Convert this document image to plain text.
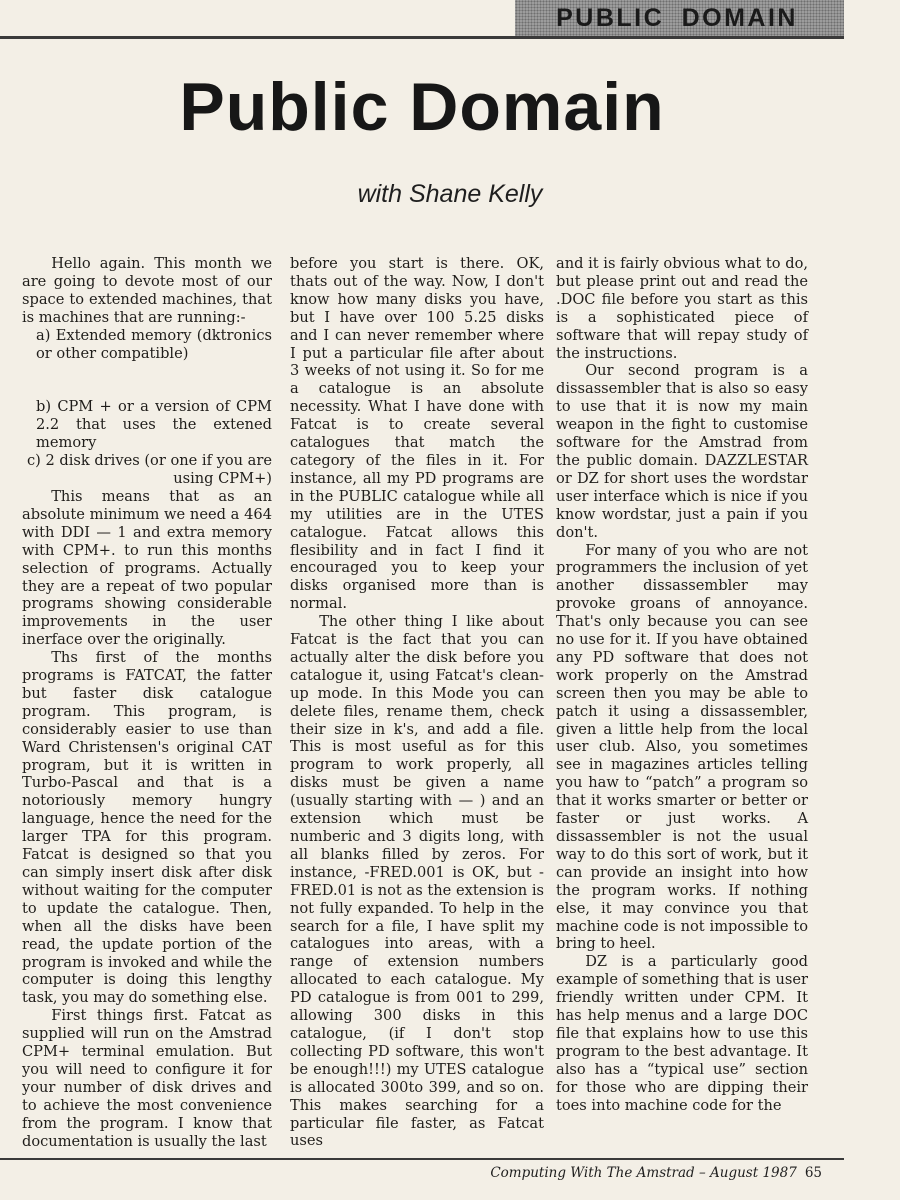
PUBLIC DOMAIN
Public Domain
with Shane Kelly

Hello again. This month we are going to devote most of our space to extended machines, that is machines that are running:-

a) Extended memory (dktronics or other compatible)

b) CPM + or a version of CPM 2.2 that uses the extened memory

c) 2 disk drives (or one if you are using CPM+)

This means that as an absolute minimum we need a 464 with DDI — 1 and extra memory with CPM+. to run this months selection of programs. Actually they are a repeat of two popular programs showing considerable improvements in the user inerface over the originally.

Ths first of the months programs is FATCAT, the fatter but faster disk catalogue program. This program, is considerably easier to use than Ward Christensen's original CAT program, but it is written in Turbo-Pascal and that is a notoriously memory hungry language, hence the need for the larger TPA for this program. Fatcat is designed so that you can simply insert disk after disk without waiting for the computer to update the catalogue. Then, when all the disks have been read, the update portion of the program is invoked and while the computer is doing this lengthy task, you may do something else.

First things first. Fatcat as supplied will run on the Amstrad CPM+ terminal emulation. But you will need to configure it for your number of disk drives and to achieve the most convenience from the program. I know that documentation is usually the last

before you start is there. OK, thats out of the way. Now, I don't know how many disks you have, but I have over 100 5.25 disks and I can never remember where I put a particular file after about 3 weeks of not using it. So for me a catalogue is an absolute necessity. What I have done with Fatcat is to create several catalogues that match the category of the files in it. For instance, all my PD programs are in the PUBLIC catalogue while all my utilities are in the UTES catalogue. Fatcat allows this flesibility and in fact I find it encouraged you to keep your disks organised more than is normal.

The other thing I like about Fatcat is the fact that you can actually alter the disk before you catalogue it, using Fatcat's clean-up mode. In this Mode you can delete files, rename them, check their size in k's, and add a file. This is most useful as for this program to work properly, all disks must be given a name (usually starting with — ) and an extension which must be numberic and 3 digits long, with all blanks filled by zeros. For instance, -FRED.001 is OK, but -FRED.01 is not as the extension is not fully expanded. To help in the search for a file, I have split my catalogues into areas, with a range of extension numbers allocated to each catalogue. My PD catalogue is from 001 to 299, allowing 300 disks in this catalogue, (if I don't stop collecting PD software, this won't be enough!!!) my UTES catalogue is allocated 300to 399, and so on. This makes searching for a particular file faster, as Fatcat uses

and it is fairly obvious what to do, but please print out and read the .DOC file before you start as this is a sophisticated piece of software that will repay study of the instructions.

Our second program is a dissassembler that is also so easy to use that it is now my main weapon in the fight to customise software for the Amstrad from the public domain. DAZZLESTAR or DZ for short uses the wordstar user interface which is nice if you know wordstar, just a pain if you don't.

For many of you who are not programmers the inclusion of yet another dissassembler may provoke groans of annoyance. That's only because you can see no use for it. If you have obtained any PD software that does not work properly on the Amstrad screen then you may be able to patch it using a dissassembler, given a little help from the local user club. Also, you sometimes see in magazines articles telling you haw to “patch” a program so that it works smarter or better or faster or just works. A dissassembler is not the usual way to do this sort of work, but it can provide an insight into how the program works. If nothing else, it may convince you that machine code is not impossible to bring to heel.

DZ is a particularly good example of something that is user friendly written under CPM. It has help menus and a large DOC file that explains how to use this program to the best advantage. It also has a “typical use” section for those who are dipping their toes into machine code for the

Computing With The Amstrad – August 1987 65
